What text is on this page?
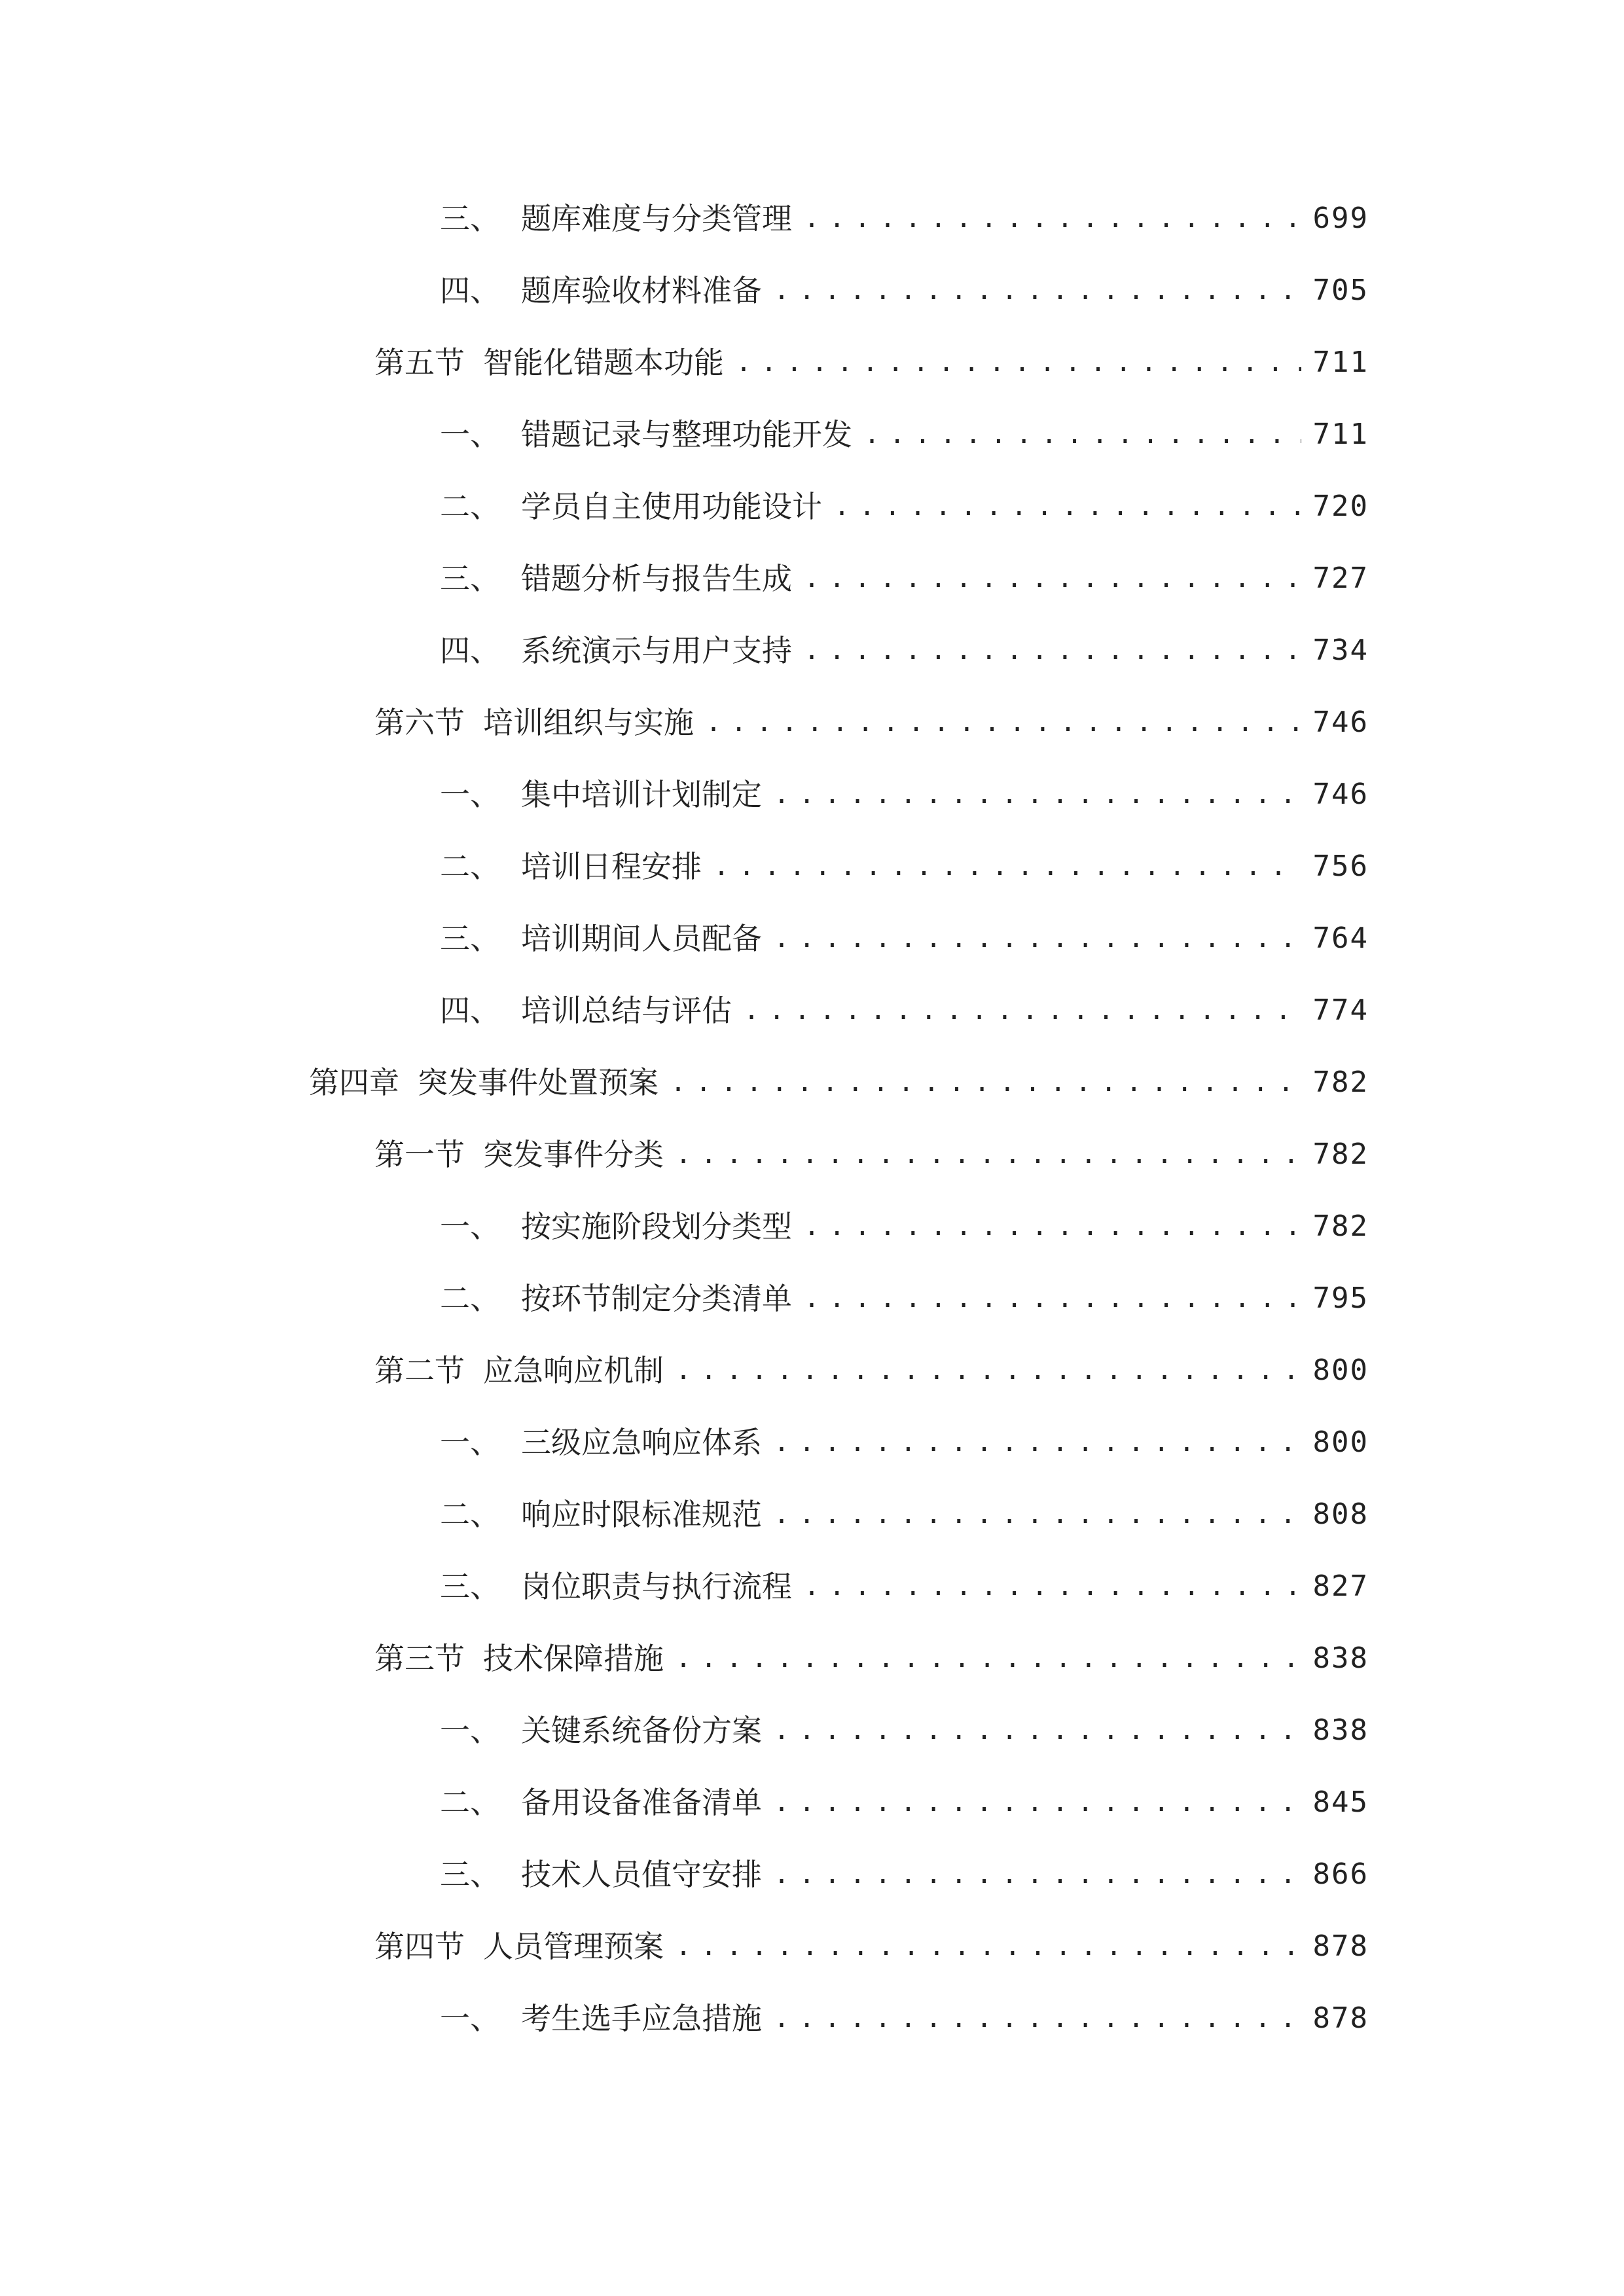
三、 题库难度与分类管理 .....	699
四、 题库验收材料准备 .....	705
第五节 智能化错题本功能 .....	711
一、 错题记录与整理功能开发 .....	711
二、 学员自主使用功能设计 .....	720
三、 错题分析与报告生成 .....	727
四、 系统演示与用户支持 .....	734
第六节 培训组织与实施 .....	746
一、 集中培训计划制定 .....	746
二、 培训日程安排 .....	756
三、 培训期间人员配备 .....	764
四、 培训总结与评估 .....	774
第四章 突发事件处置预案 .....	782
第一节 突发事件分类 .....	782
一、 按实施阶段划分类型 .....	782
二、 按环节制定分类清单 .....	795
第二节 应急响应机制 .....	800
一、 三级应急响应体系 .....	800
二、 响应时限标准规范 .....	808
三、 岗位职责与执行流程 .....	827
第三节 技术保障措施 .....	838
一、 关键系统备份方案 .....	838
二、 备用设备准备清单 .....	845
三、 技术人员值守安排 .....	866
第四节 人员管理预案 .....	878
一、 考生选手应急措施 .....	878
